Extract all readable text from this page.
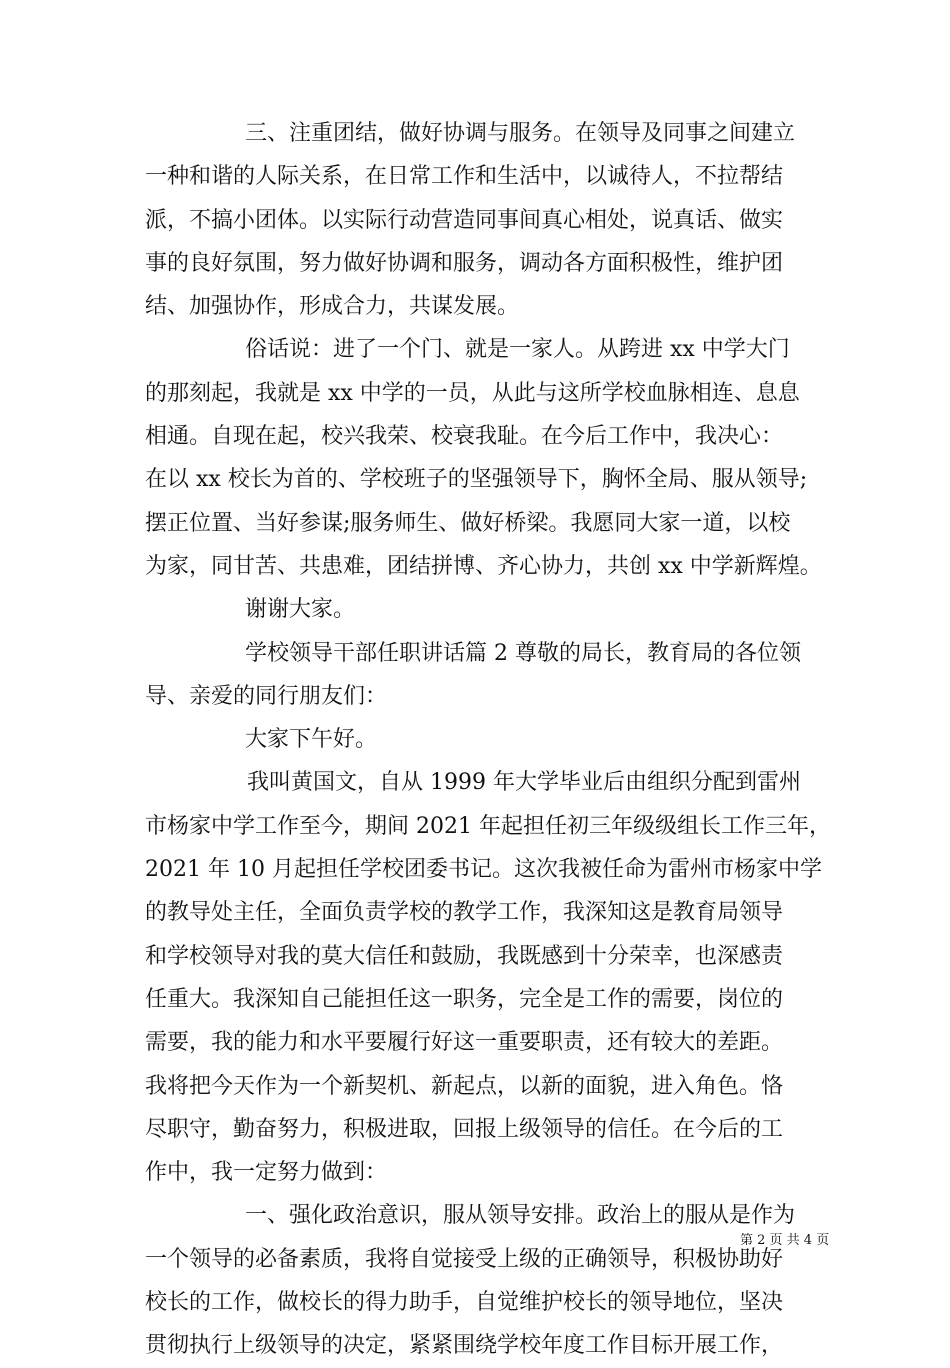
三、注重团结，做好协调与服务。在领导及同事之间建立
一种和谐的人际关系，在日常工作和生活中，以诚待人，不拉帮结
派，不搞小团体。以实际行动营造同事间真心相处，说真话、做实
事的良好氛围，努力做好协调和服务，调动各方面积极性，维护团
结、加强协作，形成合力，共谋发展。
俗话说：进了一个门、就是一家人。从跨进 xx 中学大门
的那刻起，我就是 xx 中学的一员，从此与这所学校血脉相连、息息
相通。自现在起，校兴我荣、校衰我耻。在今后工作中，我决心：
在以 xx 校长为首的、学校班子的坚强领导下，胸怀全局、服从领导;
摆正位置、当好参谋;服务师生、做好桥梁。我愿同大家一道，以校
为家，同甘苦、共患难，团结拼博、齐心协力，共创 xx 中学新辉煌。
谢谢大家。
学校领导干部任职讲话篇 2 尊敬的局长，教育局的各位领
导、亲爱的同行朋友们：
大家下午好。
我叫黄国文，自从 1999 年大学毕业后由组织分配到雷州
市杨家中学工作至今，期间 2021 年起担任初三年级级组长工作三年，
2021 年 10 月起担任学校团委书记。这次我被任命为雷州市杨家中学
的教导处主任，全面负责学校的教学工作，我深知这是教育局领导
和学校领导对我的莫大信任和鼓励，我既感到十分荣幸，也深感责
任重大。我深知自己能担任这一职务，完全是工作的需要，岗位的
需要，我的能力和水平要履行好这一重要职责，还有较大的差距。
我将把今天作为一个新契机、新起点，以新的面貌，进入角色。恪
尽职守，勤奋努力，积极进取，回报上级领导的信任。在今后的工
作中，我一定努力做到：
一、强化政治意识，服从领导安排。政治上的服从是作为
一个领导的必备素质，我将自觉接受上级的正确领导，积极协助好
校长的工作，做校长的得力助手，自觉维护校长的领导地位，坚决
贯彻执行上级领导的决定，紧紧围绕学校年度工作目标开展工作，
第 2 页 共 4 页
